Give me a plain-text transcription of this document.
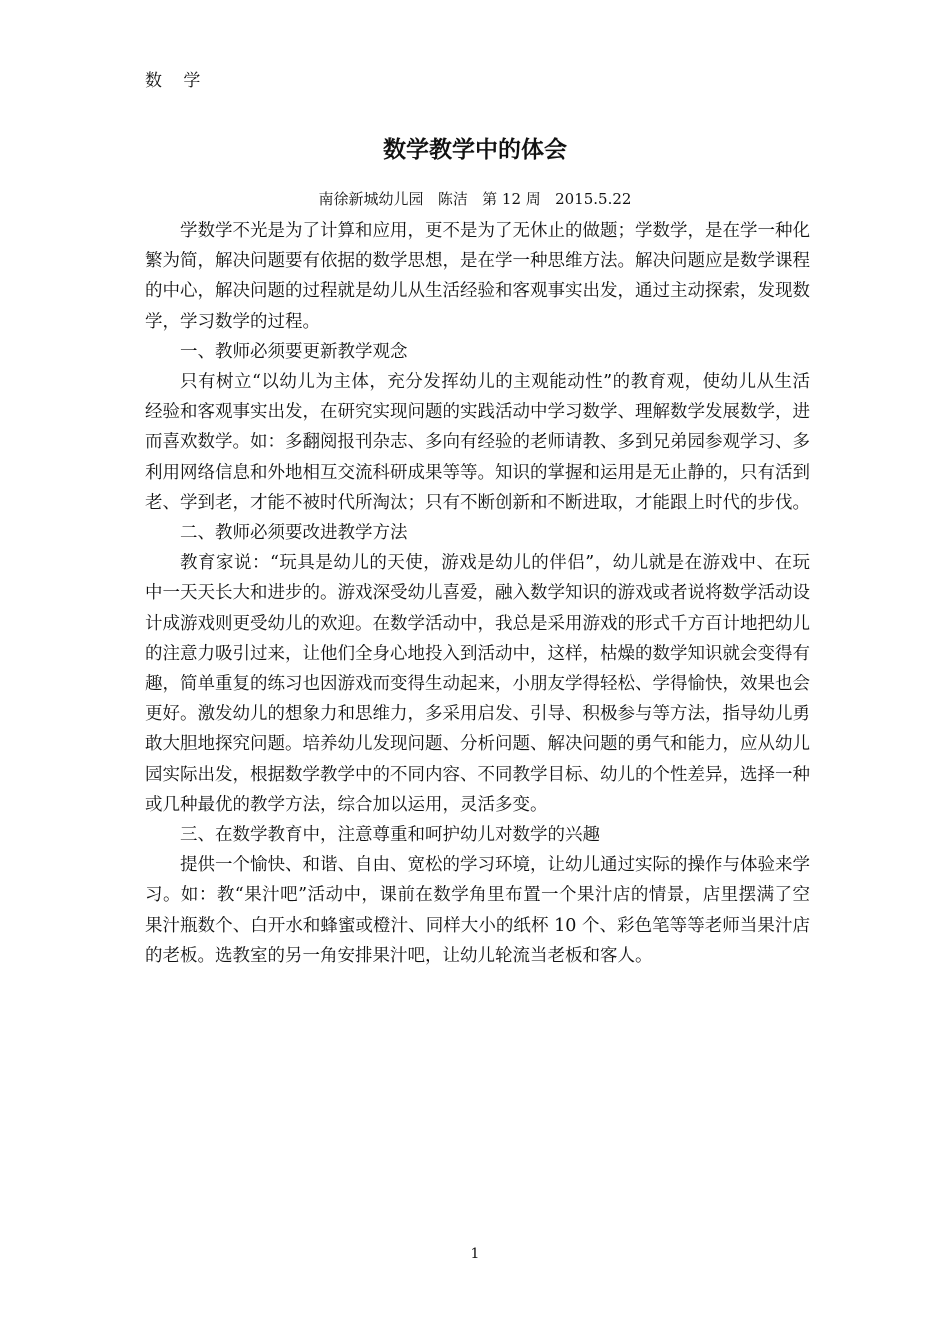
数 学
数学教学中的体会
南徐新城幼儿园   陈洁   第 12 周   2015.5.22

学数学不光是为了计算和应用，更不是为了无休止的做题；学数学，是在学一种化繁为简，解决问题要有依据的数学思想，是在学一种思维方法。解决问题应是数学课程的中心，解决问题的过程就是幼儿从生活经验和客观事实出发，通过主动探索，发现数学，学习数学的过程。

一、教师必须要更新教学观念

只有树立“以幼儿为主体，充分发挥幼儿的主观能动性”的教育观，使幼儿从生活经验和客观事实出发，在研究实现问题的实践活动中学习数学、理解数学发展数学，进而喜欢数学。如：多翻阅报刊杂志、多向有经验的老师请教、多到兄弟园参观学习、多利用网络信息和外地相互交流科研成果等等。知识的掌握和运用是无止静的，只有活到老、学到老，才能不被时代所淘汰；只有不断创新和不断进取，才能跟上时代的步伐。

二、教师必须要改进教学方法

教育家说：“玩具是幼儿的天使，游戏是幼儿的伴侣”，幼儿就是在游戏中、在玩中一天天长大和进步的。游戏深受幼儿喜爱，融入数学知识的游戏或者说将数学活动设计成游戏则更受幼儿的欢迎。在数学活动中，我总是采用游戏的形式千方百计地把幼儿的注意力吸引过来，让他们全身心地投入到活动中，这样，枯燥的数学知识就会变得有趣，简单重复的练习也因游戏而变得生动起来，小朋友学得轻松、学得愉快，效果也会更好。激发幼儿的想象力和思维力，多采用启发、引导、积极参与等方法，指导幼儿勇敢大胆地探究问题。培养幼儿发现问题、分析问题、解决问题的勇气和能力，应从幼儿园实际出发，根据数学教学中的不同内容、不同教学目标、幼儿的个性差异，选择一种或几种最优的教学方法，综合加以运用，灵活多变。

三、在数学教育中，注意尊重和呵护幼儿对数学的兴趣

提供一个愉快、和谐、自由、宽松的学习环境，让幼儿通过实际的操作与体验来学习。如：教“果汁吧”活动中，课前在数学角里布置一个果汁店的情景，店里摆满了空果汁瓶数个、白开水和蜂蜜或橙汁、同样大小的纸杯 10 个、彩色笔等等老师当果汁店的老板。选教室的另一角安排果汁吧，让幼儿轮流当老板和客人。

1
